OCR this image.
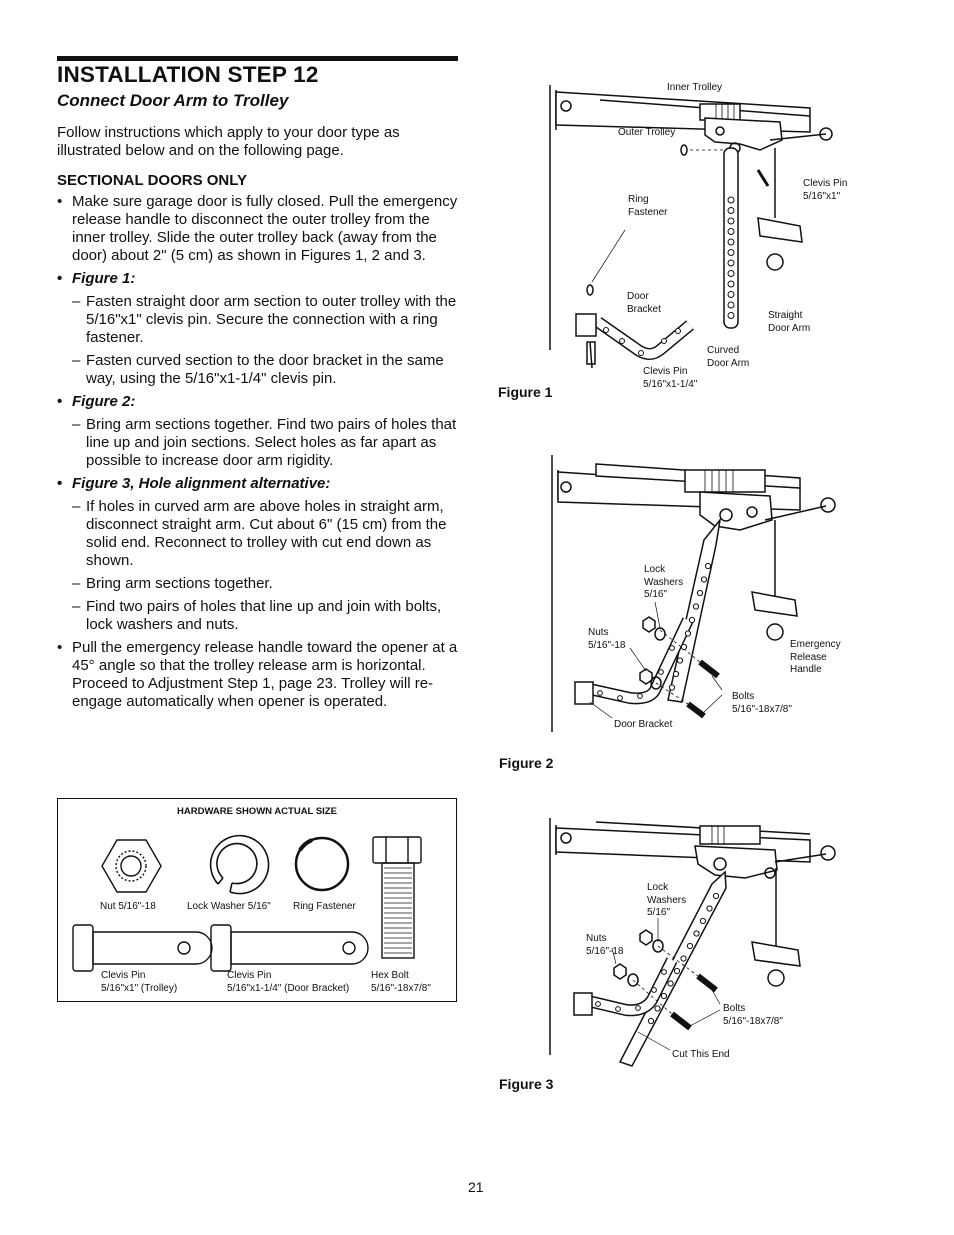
INSTALLATION STEP 12
Connect Door Arm to Trolley

Follow instructions which apply to your door type as illustrated below and on the following page.

SECTIONAL DOORS ONLY

• Make sure garage door is fully closed. Pull the emergency release handle to disconnect the outer trolley from the inner trolley. Slide the outer trolley back (away from the door) about 2" (5 cm) as shown in Figures 1, 2 and 3.

• Figure 1:

– Fasten straight door arm section to outer trolley with the 5/16"x1" clevis pin. Secure the connection with a ring fastener.

– Fasten curved section to the door bracket in the same way, using the 5/16"x1-1/4" clevis pin.

• Figure 2:

– Bring arm sections together. Find two pairs of holes that line up and join sections. Select holes as far apart as possible to increase door arm rigidity.

• Figure 3, Hole alignment alternative:

– If holes in curved arm are above holes in straight arm, disconnect straight arm. Cut about 6" (15 cm) from the solid end. Reconnect to trolley with cut end down as shown.

– Bring arm sections together.

– Find two pairs of holes that line up and join with bolts, lock washers and nuts.

• Pull the emergency release handle toward the opener at a 45° angle so that the trolley release arm is horizontal. Proceed to Adjustment Step 1, page 23. Trolley will re-engage automatically when opener is operated.

HARDWARE SHOWN ACTUAL SIZE
Nut 5/16"-18	Lock Washer 5/16" Ring Fastener
Clevis Pin
5/16"x1" (Trolley)
Clevis Pin
5/16"x1-1/4" (Door Bracket)
Hex Bolt
5/16"-18x7/8"
Inner Trolley
Outer Trolley
Clevis Pin
5/16"x1"
Ring
Fastener
Door
Bracket
Straight
Door Arm
Curved
Door Arm
Clevis Pin
5/16"x1-1/4"
Figure 1
Lock
Washers
5/16"
Nuts
5/16"-18	Emergency
Release
Handle
Bolts
5/16"-18x7/8"
Door Bracket
Figure 2
Lock
Washers
5/16"
Nuts
5/16"-18
Bolts
5/16"-18x7/8"
Cut This End
Figure 3
21
